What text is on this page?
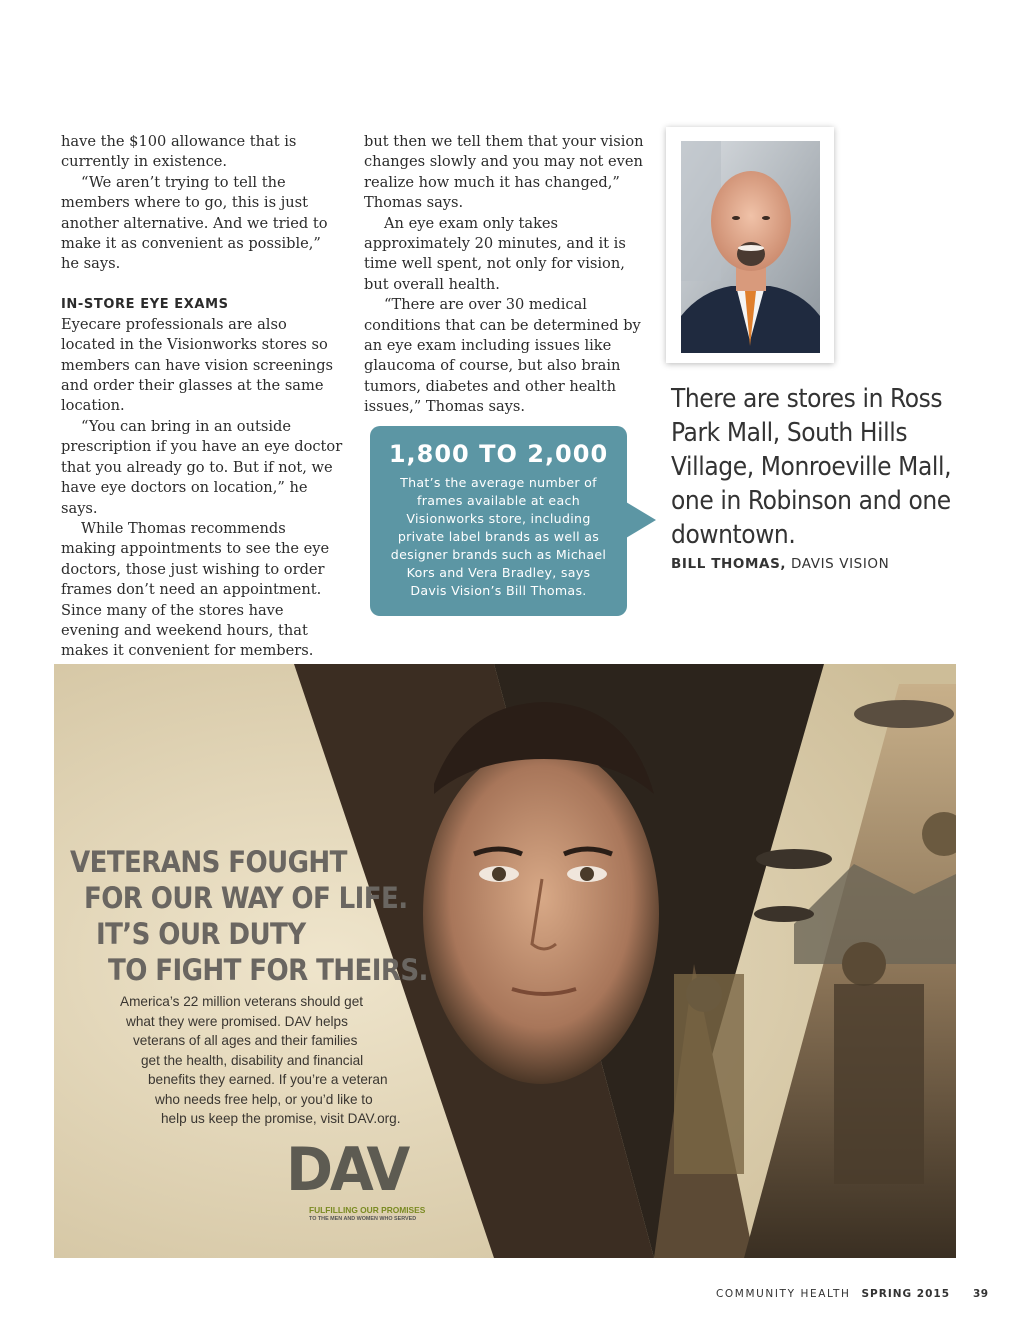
have the $100 allowance that is currently in existence.

“We aren’t trying to tell the members where to go, this is just another alternative. And we tried to make it as convenient as possible,” he says.

IN-STORE EYE EXAMS

Eyecare professionals are also located in the Visionworks stores so members can have vision screenings and order their glasses at the same location.

“You can bring in an outside prescription if you have an eye doctor that you already go to. But if not, we have eye doctors on location,” he says.

While Thomas recommends making appointments to see the eye doctors, those just wishing to order frames don’t need an appointment. Since many of the stores have evening and weekend hours, that makes it convenient for members.

but then we tell them that your vision changes slowly and you may not even realize how much it has changed,” Thomas says.

An eye exam only takes approximately 20 minutes, and it is time well spent, not only for vision, but overall health.

“There are over 30 medical conditions that can be determined by an eye exam including issues like glaucoma of course, but also brain tumors, diabetes and other health issues,” Thomas says.	There are stores in Ross Park Mall, South Hills Village, Monroeville Mall, one in Robinson and one downtown.
BILL THOMAS, DAVIS VISION
1,800 TO 2,000
That’s the average number of frames available at each Visionworks store, including private label brands as well as designer brands such as Michael Kors and Vera Bradley, says Davis Vision’s Bill Thomas.
VETERANS FOUGHT
FOR OUR WAY OF LIFE.
IT’S OUR DUTY
TO FIGHT FOR THEIRS.
America’s 22 million veterans should get
what they were promised. DAV helps
veterans of all ages and their families
get the health, disability and financial
benefits they earned. If you’re a veteran
who needs free help, or you’d like to
help us keep the promise, visit DAV.org.
DAV
FULFILLING OUR PROMISES
TO THE MEN AND WOMEN WHO SERVED
COMMUNITY HEALTH SPRING 2015 39
